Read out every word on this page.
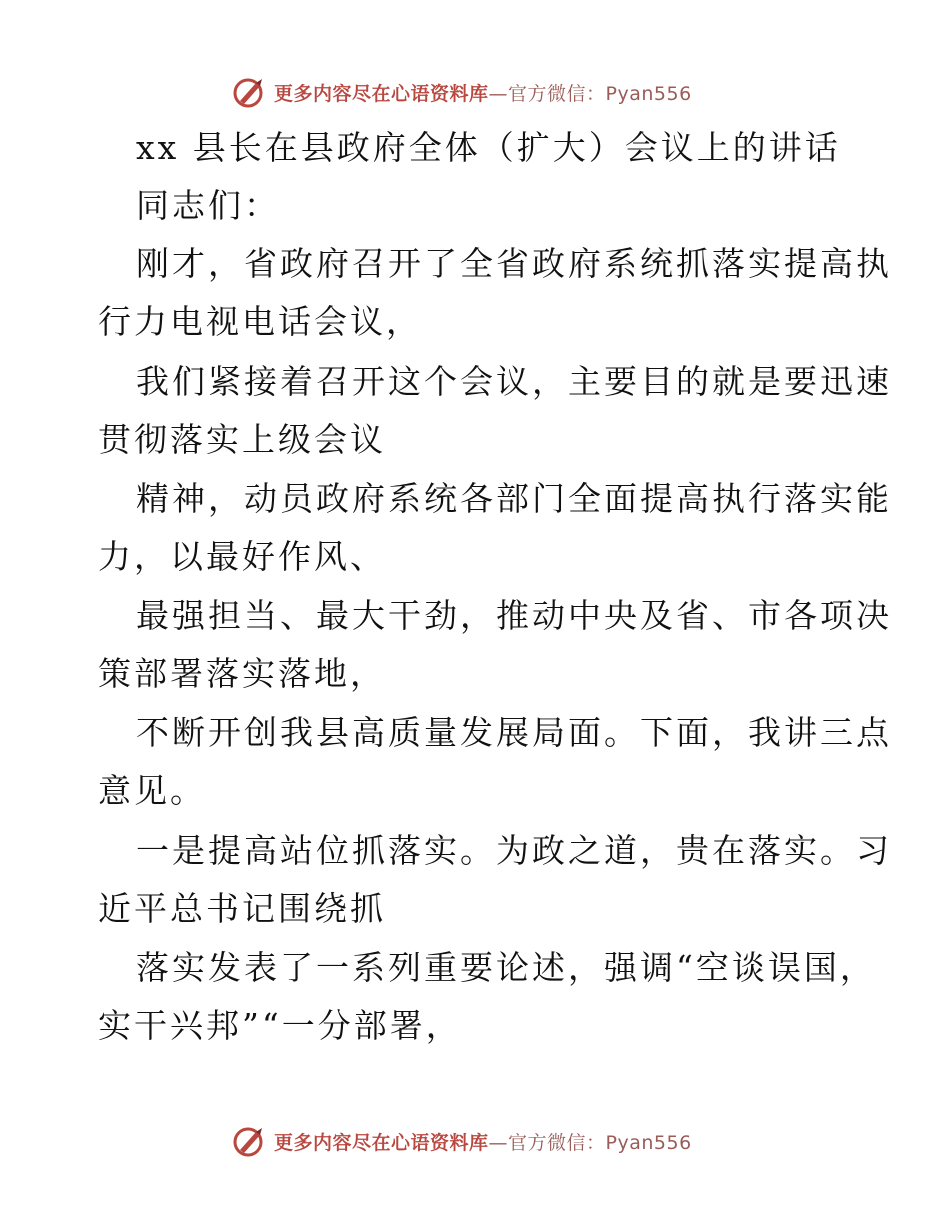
更多内容尽在心语资料库—官方微信：Pyan556
xx 县长在县政府全体（扩大）会议上的讲话
同志们：
刚才，省政府召开了全省政府系统抓落实提高执
行力电视电话会议，
我们紧接着召开这个会议，主要目的就是要迅速
贯彻落实上级会议
精神，动员政府系统各部门全面提高执行落实能
力，以最好作风、
最强担当、最大干劲，推动中央及省、市各项决
策部署落实落地，
不断开创我县高质量发展局面。下面，我讲三点
意见。
一是提高站位抓落实。为政之道，贵在落实。习
近平总书记围绕抓
落实发表了一系列重要论述，强调“空谈误国，
实干兴邦”“一分部署，
更多内容尽在心语资料库—官方微信：Pyan556
